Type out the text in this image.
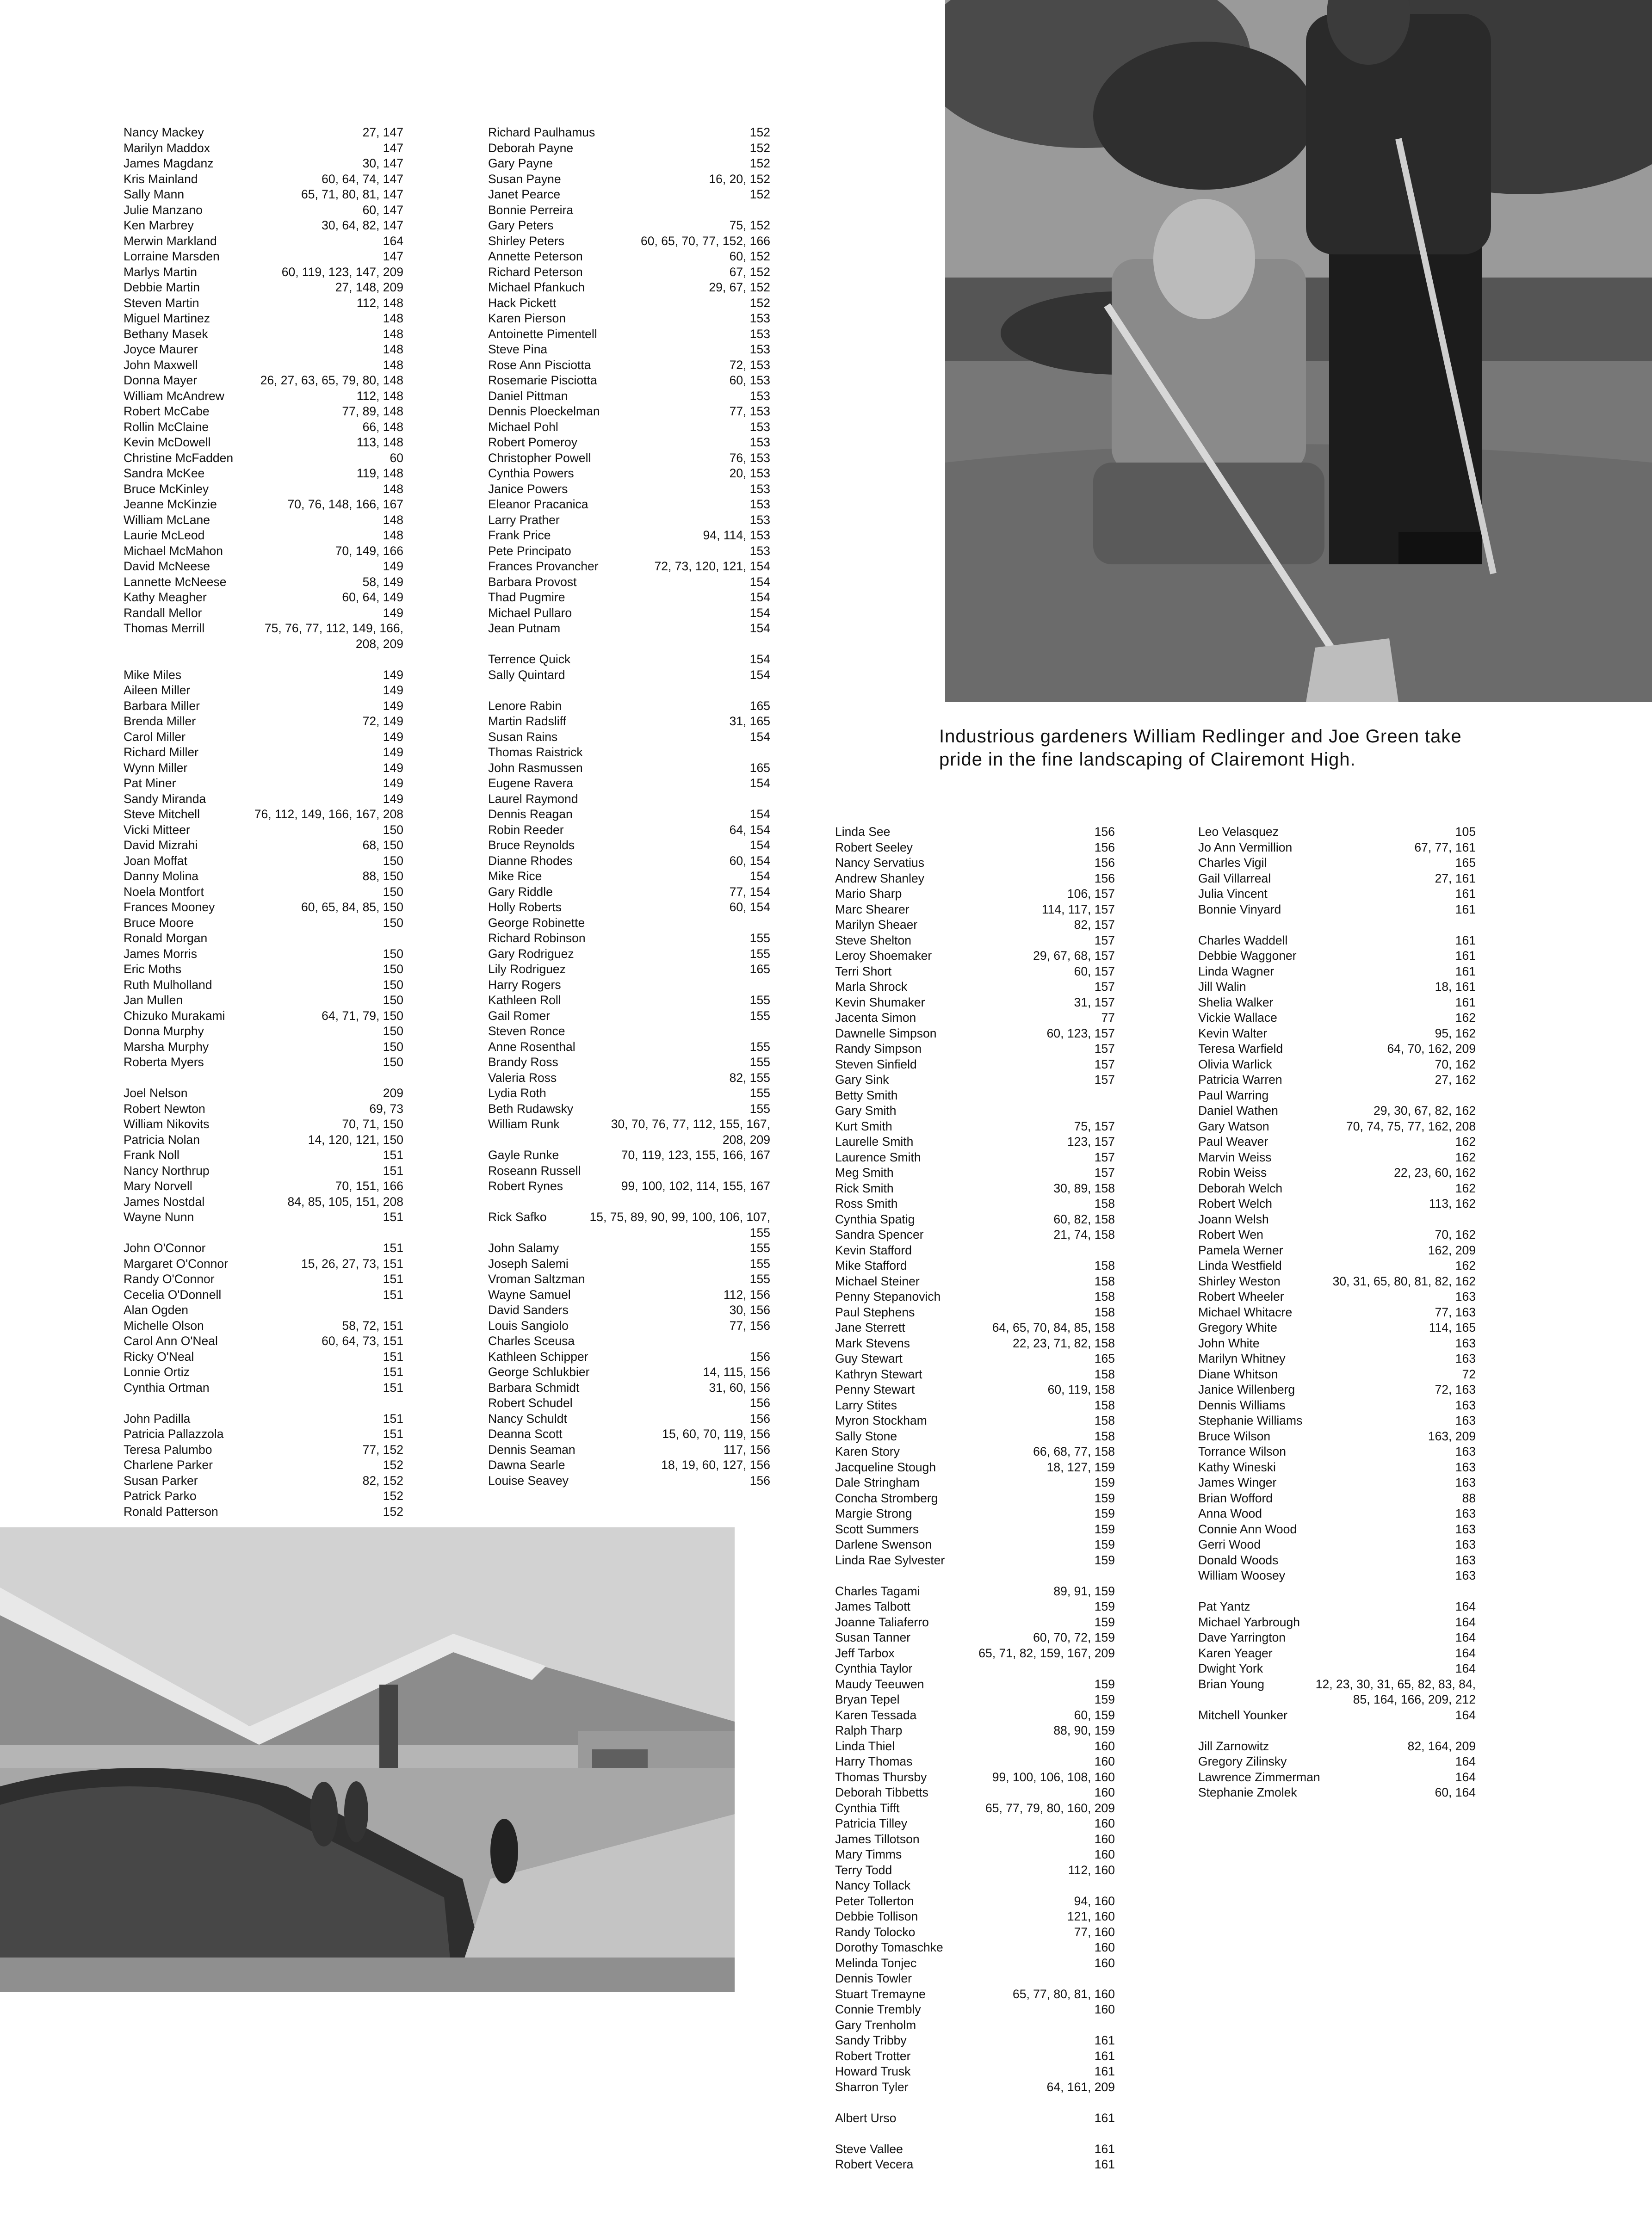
Industrious gardeners William Redlinger and Joe Green take pride in the fine landscaping of Clairemont High.
Nancy Mackey	27, 147
Marilyn Maddox	147
James Magdanz	30, 147
Kris Mainland	60, 64, 74, 147
Sally Mann	65, 71, 80, 81, 147
Julie Manzano	60, 147
Ken Marbrey	30, 64, 82, 147
Merwin Markland	164
Lorraine Marsden	147
Marlys Martin	60, 119, 123, 147, 209
Debbie Martin	27, 148, 209
Steven Martin	112, 148
Miguel Martinez	148
Bethany Masek	148
Joyce Maurer	148
John Maxwell	148
Donna Mayer	26, 27, 63, 65, 79, 80, 148
William McAndrew	112, 148
Robert McCabe	77, 89, 148
Rollin McClaine	66, 148
Kevin McDowell	113, 148
Christine McFadden	60
Sandra McKee	119, 148
Bruce McKinley	148
Jeanne McKinzie	70, 76, 148, 166, 167
William McLane	148
Laurie McLeod	148
Michael McMahon	70, 149, 166
David McNeese	149
Lannette McNeese	58, 149
Kathy Meagher	60, 64, 149
Randall Mellor	149
Thomas Merrill	75, 76, 77, 112, 149, 166,
208, 209
Mike Miles	149
Aileen Miller	149
Barbara Miller	149
Brenda Miller	72, 149
Carol Miller	149
Richard Miller	149
Wynn Miller	149
Pat Miner	149
Sandy Miranda	149
Steve Mitchell	76, 112, 149, 166, 167, 208
Vicki Mitteer	150
David Mizrahi	68, 150
Joan Moffat	150
Danny Molina	88, 150
Noela Montfort	150
Frances Mooney	60, 65, 84, 85, 150
Bruce Moore	150
Ronald Morgan
James Morris	150
Eric Moths	150
Ruth Mulholland	150
Jan Mullen	150
Chizuko Murakami	64, 71, 79, 150
Donna Murphy	150
Marsha Murphy	150
Roberta Myers	150
Joel Nelson	209
Robert Newton	69, 73
William Nikovits	70, 71, 150
Patricia Nolan	14, 120, 121, 150
Frank Noll	151
Nancy Northrup	151
Mary Norvell	70, 151, 166
James Nostdal	84, 85, 105, 151, 208
Wayne Nunn	151
John O'Connor	151
Margaret O'Connor	15, 26, 27, 73, 151
Randy O'Connor	151
Cecelia O'Donnell	151
Alan Ogden
Michelle Olson	58, 72, 151
Carol Ann O'Neal	60, 64, 73, 151
Ricky O'Neal	151
Lonnie Ortiz	151
Cynthia Ortman	151
John Padilla	151
Patricia Pallazzola	151
Teresa Palumbo	77, 152
Charlene Parker	152
Susan Parker	82, 152
Patrick Parko	152
Ronald Patterson	152
Richard Paulhamus	152
Deborah Payne	152
Gary Payne	152
Susan Payne	16, 20, 152
Janet Pearce	152
Bonnie Perreira
Gary Peters	75, 152
Shirley Peters	60, 65, 70, 77, 152, 166
Annette Peterson	60, 152
Richard Peterson	67, 152
Michael Pfankuch	29, 67, 152
Hack Pickett	152
Karen Pierson	153
Antoinette Pimentell	153
Steve Pina	153
Rose Ann Pisciotta	72, 153
Rosemarie Pisciotta	60, 153
Daniel Pittman	153
Dennis Ploeckelman	77, 153
Michael Pohl	153
Robert Pomeroy	153
Christopher Powell	76, 153
Cynthia Powers	20, 153
Janice Powers	153
Eleanor Pracanica	153
Larry Prather	153
Frank Price	94, 114, 153
Pete Principato	153
Frances Provancher	72, 73, 120, 121, 154
Barbara Provost	154
Thad Pugmire	154
Michael Pullaro	154
Jean Putnam	154
Terrence Quick	154
Sally Quintard	154
Lenore Rabin	165
Martin Radsliff	31, 165
Susan Rains	154
Thomas Raistrick
John Rasmussen	165
Eugene Ravera	154
Laurel Raymond
Dennis Reagan	154
Robin Reeder	64, 154
Bruce Reynolds	154
Dianne Rhodes	60, 154
Mike Rice	154
Gary Riddle	77, 154
Holly Roberts	60, 154
George Robinette
Richard Robinson	155
Gary Rodriguez	155
Lily Rodriguez	165
Harry Rogers
Kathleen Roll	155
Gail Romer	155
Steven Ronce
Anne Rosenthal	155
Brandy Ross	155
Valeria Ross	82, 155
Lydia Roth	155
Beth Rudawsky	155
William Runk	30, 70, 76, 77, 112, 155, 167,
208, 209
Gayle Runke	70, 119, 123, 155, 166, 167
Roseann Russell
Robert Rynes	99, 100, 102, 114, 155, 167
Rick Safko	15, 75, 89, 90, 99, 100, 106, 107,
155
John Salamy	155
Joseph Salemi	155
Vroman Saltzman	155
Wayne Samuel	112, 156
David Sanders	30, 156
Louis Sangiolo	77, 156
Charles Sceusa
Kathleen Schipper	156
George Schlukbier	14, 115, 156
Barbara Schmidt	31, 60, 156
Robert Schudel	156
Nancy Schuldt	156
Deanna Scott	15, 60, 70, 119, 156
Dennis Seaman	117, 156
Dawna Searle	18, 19, 60, 127, 156
Louise Seavey	156
Linda See	156
Robert Seeley	156
Nancy Servatius	156
Andrew Shanley	156
Mario Sharp	106, 157
Marc Shearer	114, 117, 157
Marilyn Sheaer	82, 157
Steve Shelton	157
Leroy Shoemaker	29, 67, 68, 157
Terri Short	60, 157
Marla Shrock	157
Kevin Shumaker	31, 157
Jacenta Simon	77
Dawnelle Simpson	60, 123, 157
Randy Simpson	157
Steven Sinfield	157
Gary Sink	157
Betty Smith
Gary Smith
Kurt Smith	75, 157
Laurelle Smith	123, 157
Laurence Smith	157
Meg Smith	157
Rick Smith	30, 89, 158
Ross Smith	158
Cynthia Spatig	60, 82, 158
Sandra Spencer	21, 74, 158
Kevin Stafford
Mike Stafford	158
Michael Steiner	158
Penny Stepanovich	158
Paul Stephens	158
Jane Sterrett	64, 65, 70, 84, 85, 158
Mark Stevens	22, 23, 71, 82, 158
Guy Stewart	165
Kathryn Stewart	158
Penny Stewart	60, 119, 158
Larry Stites	158
Myron Stockham	158
Sally Stone	158
Karen Story	66, 68, 77, 158
Jacqueline Stough	18, 127, 159
Dale Stringham	159
Concha Stromberg	159
Margie Strong	159
Scott Summers	159
Darlene Swenson	159
Linda Rae Sylvester	159
Charles Tagami	89, 91, 159
James Talbott	159
Joanne Taliaferro	159
Susan Tanner	60, 70, 72, 159
Jeff Tarbox	65, 71, 82, 159, 167, 209
Cynthia Taylor
Maudy Teeuwen	159
Bryan Tepel	159
Karen Tessada	60, 159
Ralph Tharp	88, 90, 159
Linda Thiel	160
Harry Thomas	160
Thomas Thursby	99, 100, 106, 108, 160
Deborah Tibbetts	160
Cynthia Tifft	65, 77, 79, 80, 160, 209
Patricia Tilley	160
James Tillotson	160
Mary Timms	160
Terry Todd	112, 160
Nancy Tollack
Peter Tollerton	94, 160
Debbie Tollison	121, 160
Randy Tolocko	77, 160
Dorothy Tomaschke	160
Melinda Tonjec	160
Dennis Towler
Stuart Tremayne	65, 77, 80, 81, 160
Connie Trembly	160
Gary Trenholm
Sandy Tribby	161
Robert Trotter	161
Howard Trusk	161
Sharron Tyler	64, 161, 209
Albert Urso	161
Steve Vallee	161
Robert Vecera	161
Leo Velasquez	105
Jo Ann Vermillion	67, 77, 161
Charles Vigil	165
Gail Villarreal	27, 161
Julia Vincent	161
Bonnie Vinyard	161
Charles Waddell	161
Debbie Waggoner	161
Linda Wagner	161
Jill Walin	18, 161
Shelia Walker	161
Vickie Wallace	162
Kevin Walter	95, 162
Teresa Warfield	64, 70, 162, 209
Olivia Warlick	70, 162
Patricia Warren	27, 162
Paul Warring
Daniel Wathen	29, 30, 67, 82, 162
Gary Watson	70, 74, 75, 77, 162, 208
Paul Weaver	162
Marvin Weiss	162
Robin Weiss	22, 23, 60, 162
Deborah Welch	162
Robert Welch	113, 162
Joann Welsh
Robert Wen	70, 162
Pamela Werner	162, 209
Linda Westfield	162
Shirley Weston	30, 31, 65, 80, 81, 82, 162
Robert Wheeler	163
Michael Whitacre	77, 163
Gregory White	114, 165
John White	163
Marilyn Whitney	163
Diane Whitson	72
Janice Willenberg	72, 163
Dennis Williams	163
Stephanie Williams	163
Bruce Wilson	163, 209
Torrance Wilson	163
Kathy Wineski	163
James Winger	163
Brian Wofford	88
Anna Wood	163
Connie Ann Wood	163
Gerri Wood	163
Donald Woods	163
William Woosey	163
Pat Yantz	164
Michael Yarbrough	164
Dave Yarrington	164
Karen Yeager	164
Dwight York	164
Brian Young	12, 23, 30, 31, 65, 82, 83, 84,
85, 164, 166, 209, 212
Mitchell Younker	164
Jill Zarnowitz	82, 164, 209
Gregory Zilinsky	164
Lawrence Zimmerman	164
Stephanie Zmolek	60, 164
